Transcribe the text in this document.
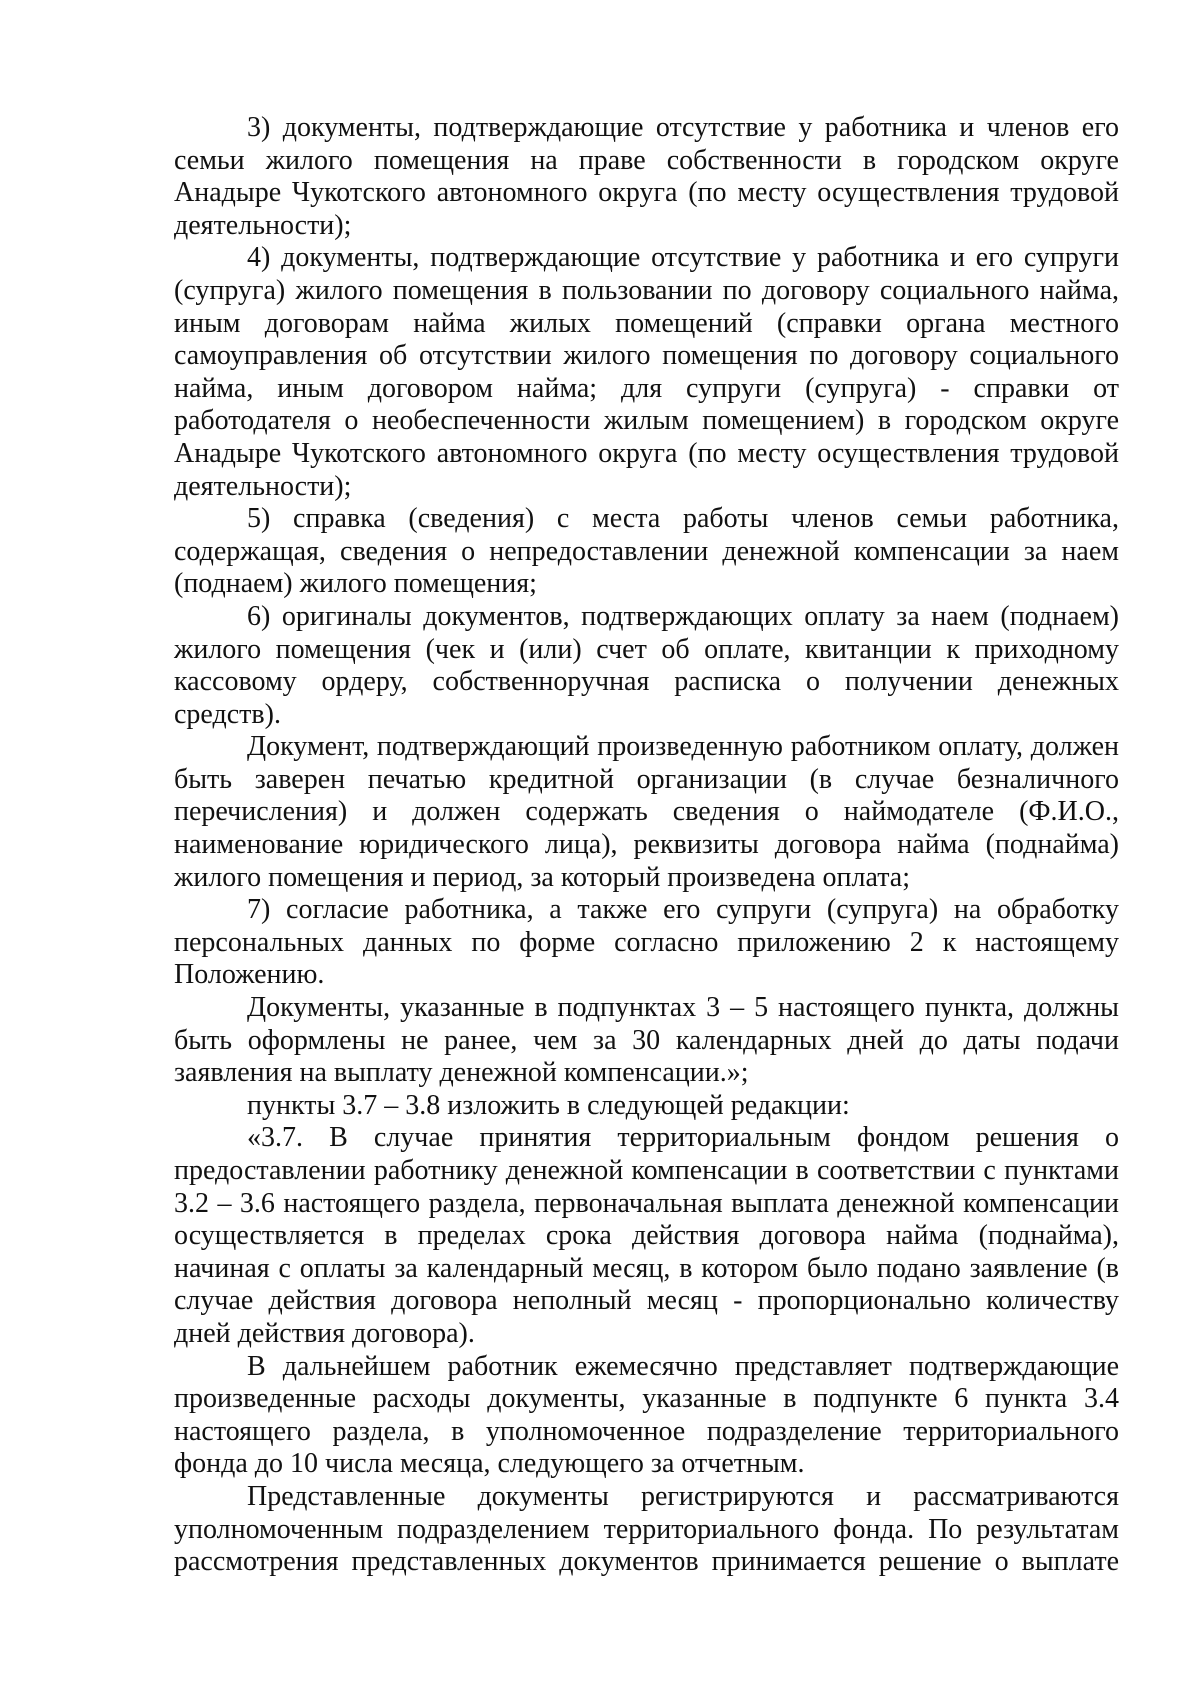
3) документы, подтверждающие отсутствие у работника и членов его семьи жилого помещения на праве собственности в городском округе Анадыре Чукотского автономного округа (по месту осуществления трудовой деятельности);

4) документы, подтверждающие отсутствие у работника и его супруги (супруга) жилого помещения в пользовании по договору социального найма, иным договорам найма жилых помещений (справки органа местного самоуправления об отсутствии жилого помещения по договору социального найма, иным договором найма; для супруги (супруга) - справки от работодателя о необеспеченности жилым помещением) в городском округе Анадыре Чукотского автономного округа (по месту осуществления трудовой деятельности);

5) справка (сведения) с места работы членов семьи работника, содержащая, сведения о непредоставлении денежной компенсации за наем (поднаем) жилого помещения;

6) оригиналы документов, подтверждающих оплату за наем (поднаем) жилого помещения (чек и (или) счет об оплате, квитанции к приходному кассовому ордеру, собственноручная расписка о получении денежных средств).

Документ, подтверждающий произведенную работником оплату, должен быть заверен печатью кредитной организации (в случае безналичного перечисления) и должен содержать сведения о наймодателе (Ф.И.О., наименование юридического лица), реквизиты договора найма (поднайма) жилого помещения и период, за который произведена оплата;

7) согласие работника, а также его супруги (супруга) на обработку персональных данных по форме согласно приложению 2 к настоящему Положению.

Документы, указанные в подпунктах 3 – 5 настоящего пункта, должны быть оформлены не ранее, чем за 30 календарных дней до даты подачи заявления на выплату денежной компенсации.»;

пункты 3.7 – 3.8 изложить в следующей редакции:

«3.7. В случае принятия территориальным фондом решения о предоставлении работнику денежной компенсации в соответствии с пунктами 3.2 – 3.6 настоящего раздела, первоначальная выплата денежной компенсации осуществляется в пределах срока действия договора найма (поднайма), начиная с оплаты за календарный месяц, в котором было подано заявление (в случае действия договора неполный месяц - пропорционально количеству дней действия договора).

В дальнейшем работник ежемесячно представляет подтверждающие произведенные расходы документы, указанные в подпункте 6 пункта 3.4 настоящего раздела, в уполномоченное подразделение территориального фонда до 10 числа месяца, следующего за отчетным.

Представленные документы регистрируются и рассматриваются уполномоченным подразделением территориального фонда. По результатам рассмотрения представленных документов принимается решение о выплате
